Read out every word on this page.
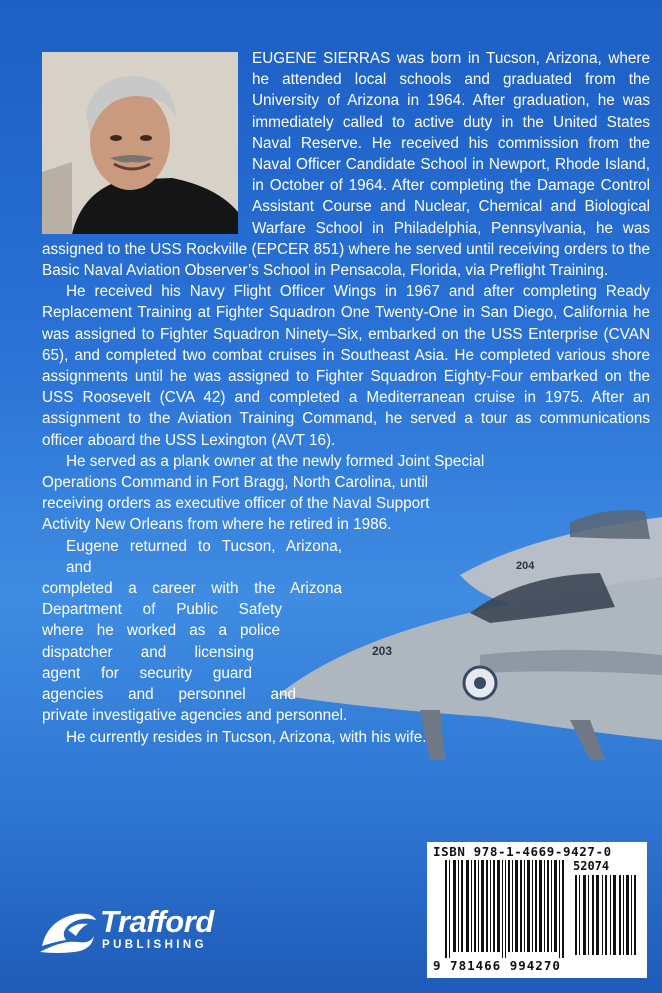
204
203

EUGENE SIERRAS was born in Tucson, Arizona, where he attended local schools and graduated from the University of Arizona in 1964. After graduation, he was immediately called to active duty in the United States Naval Reserve. He received his commission from the Naval Officer Candidate School in Newport, Rhode Island, in October of 1964. After completing the Damage Control Assistant Course and Nuclear, Chemical and Biological Warfare School in Philadelphia, Pennsylvania, he was assigned to the USS Rockville (EPCER 851) where he served until receiving orders to the Basic Naval Aviation Observer’s School in Pensacola, Florida, via Preflight Training.

He received his Navy Flight Officer Wings in 1967 and after completing Ready Replacement Training at Fighter Squadron One Twenty-One in San Diego, California he was assigned to Fighter Squadron Ninety–Six, embarked on the USS Enterprise (CVAN 65), and completed two combat cruises in Southeast Asia. He completed various shore assignments until he was assigned to Fighter Squadron Eighty-Four embarked on the USS Roosevelt (CVA 42) and completed a Mediterranean cruise in 1975. After an assignment to the Aviation Training Command, he served a tour as communications officer aboard the USS Lexington (AVT 16).

He served as a plank owner at the newly formed Joint Special
Operations Command in Fort Bragg, North Carolina, until
receiving orders as executive officer of the Naval Support
Activity New Orleans from where he retired in 1986.

Eugene returned to Tucson, Arizona, and
completed a career with the Arizona
Department of Public Safety
where he worked as a police
dispatcher and licensing
agent for security guard
agencies and personnel and
private investigative agencies and personnel.

He currently resides in Tucson, Arizona, with his wife.

ISBN 978-1-4669-9427-0
52074
9 781466 994270
Trafford
PUBLISHING
